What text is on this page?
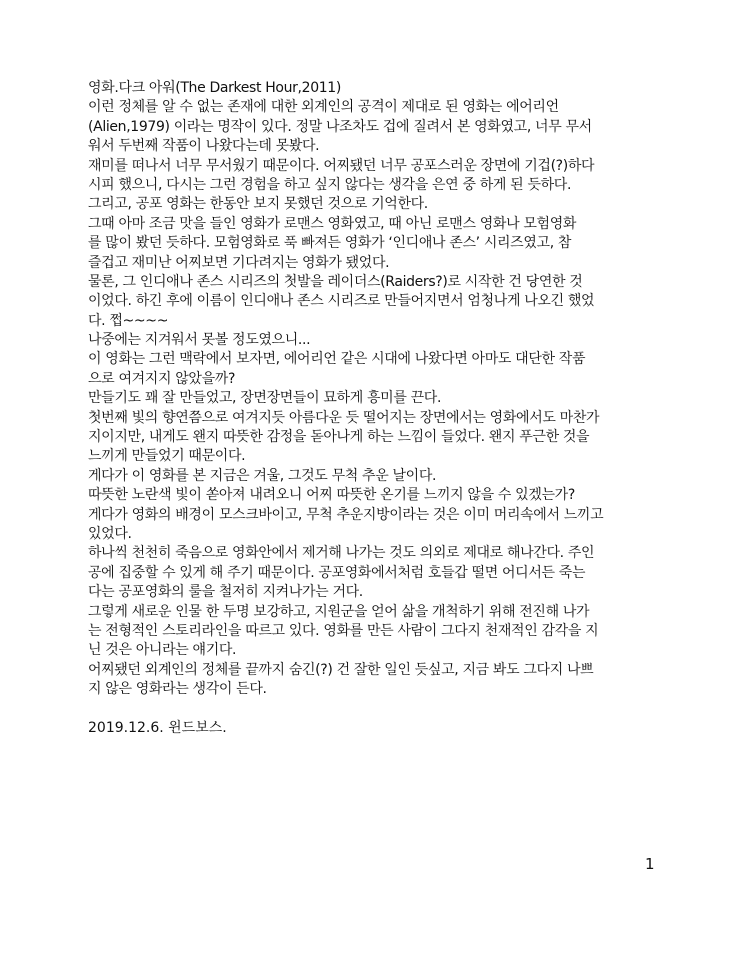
영화.다크 아워(The Darkest Hour,2011)
이런 정체를 알 수 없는 존재에 대한 외계인의 공격이 제대로 된 영화는 에어리언
(Alien,1979) 이라는 명작이 있다. 정말 나조차도 겁에 질려서 본 영화였고, 너무 무서
워서 두번째 작품이 나왔다는데 못봤다.
재미를 떠나서 너무 무서웠기 때문이다. 어찌됐던 너무 공포스러운 장면에 기겁(?)하다
시피 했으니, 다시는 그런 경험을 하고 싶지 않다는 생각을 은연 중 하게 된 듯하다.
그리고, 공포 영화는 한동안 보지 못했던 것으로 기억한다.
그때 아마 조금 맛을 들인 영화가 로맨스 영화였고, 때 아닌 로맨스 영화나 모험영화
를 많이 봤던 듯하다. 모험영화로 푹 빠져든 영화가 ‘인디애나 존스’ 시리즈였고, 참
즐겁고 재미난 어찌보면 기다려지는 영화가 됐었다.
물론, 그 인디애나 존스 시리즈의 첫발을 레이더스(Raiders?)로 시작한 건 당연한 것
이었다. 하긴 후에 이름이 인디애나 존스 시리즈로 만들어지면서 엄청나게 나오긴 했었
다. 쩝~~~~
나중에는 지겨워서 못볼 정도였으니...
이 영화는 그런 맥락에서 보자면, 에어리언 같은 시대에 나왔다면 아마도 대단한 작품
으로 여겨지지 않았을까?
만들기도 꽤 잘 만들었고, 장면장면들이 묘하게 흥미를 끈다.
첫번째 빛의 향연쯤으로 여겨지듯 아름다운 듯 떨어지는 장면에서는 영화에서도 마찬가
지이지만, 내게도 왠지 따뜻한 감정을 돋아나게 하는 느낌이 들었다. 왠지 푸근한 것을
느끼게 만들었기 때문이다.
게다가 이 영화를 본 지금은 겨울, 그것도 무척 추운 날이다.
따뜻한 노란색 빛이 쏟아져 내려오니 어찌 따뜻한 온기를 느끼지 않을 수 있겠는가?
게다가 영화의 배경이 모스크바이고, 무척 추운지방이라는 것은 이미 머리속에서 느끼고
있었다.
하나씩 천천히 죽음으로 영화안에서 제거해 나가는 것도 의외로 제대로 해나간다. 주인
공에 집중할 수 있게 해 주기 때문이다. 공포영화에서처럼 호들갑 떨면 어디서든 죽는
다는 공포영화의 룰을 철저히 지켜나가는 거다.
그렇게 새로운 인물 한 두명 보강하고, 지원군을 얻어 삶을 개척하기 위해 전진해 나가
는 전형적인 스토리라인을 따르고 있다. 영화를 만든 사람이 그다지 천재적인 감각을 지
닌 것은 아니라는 얘기다.
어찌됐던 외계인의 정체를 끝까지 숨긴(?) 건 잘한 일인 듯싶고, 지금 봐도 그다지 나쁘
지 않은 영화라는 생각이 든다.
2019.12.6. 윈드보스.
1
